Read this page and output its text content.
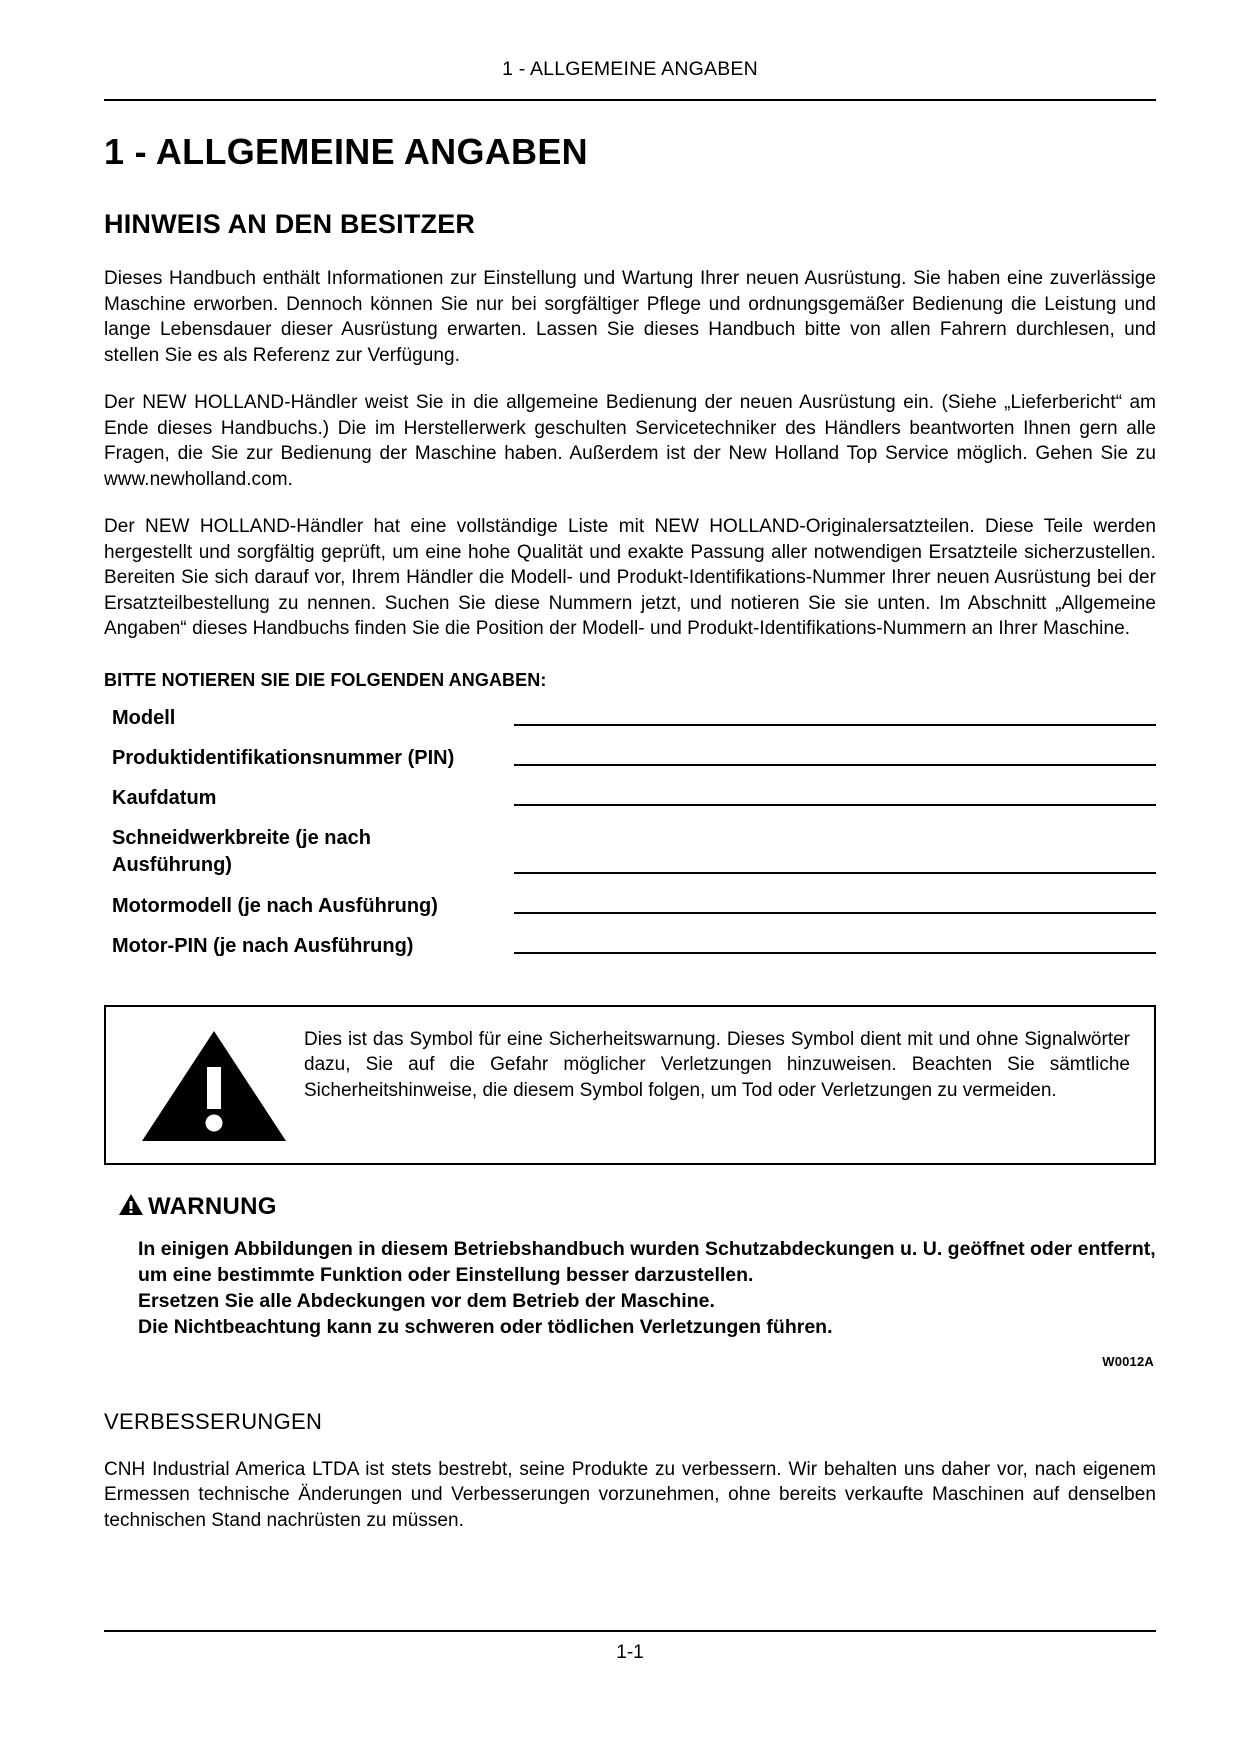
1 - ALLGEMEINE ANGABEN
1 - ALLGEMEINE ANGABEN
HINWEIS AN DEN BESITZER

Dieses Handbuch enthält Informationen zur Einstellung und Wartung Ihrer neuen Ausrüstung. Sie haben eine zuverlässige Maschine erworben. Dennoch können Sie nur bei sorgfältiger Pflege und ordnungsgemäßer Bedienung die Leistung und lange Lebensdauer dieser Ausrüstung erwarten. Lassen Sie dieses Handbuch bitte von allen Fahrern durchlesen, und stellen Sie es als Referenz zur Verfügung.

Der NEW HOLLAND-Händler weist Sie in die allgemeine Bedienung der neuen Ausrüstung ein. (Siehe „Lieferbericht“ am Ende dieses Handbuchs.) Die im Herstellerwerk geschulten Servicetechniker des Händlers beantworten Ihnen gern alle Fragen, die Sie zur Bedienung der Maschine haben. Außerdem ist der New Holland Top Service möglich. Gehen Sie zu www.newholland.com.

Der NEW HOLLAND-Händler hat eine vollständige Liste mit NEW HOLLAND-Originalersatzteilen. Diese Teile werden hergestellt und sorgfältig geprüft, um eine hohe Qualität und exakte Passung aller notwendigen Ersatzteile sicherzustellen. Bereiten Sie sich darauf vor, Ihrem Händler die Modell- und Produkt-Identifikations-Nummer Ihrer neuen Ausrüstung bei der Ersatzteilbestellung zu nennen. Suchen Sie diese Nummern jetzt, und notieren Sie sie unten. Im Abschnitt „Allgemeine Angaben“ dieses Handbuchs finden Sie die Position der Modell- und Produkt-Identifikations-Nummern an Ihrer Maschine.

BITTE NOTIEREN SIE DIE FOLGENDEN ANGABEN:
Modell
Produktidentifikationsnummer (PIN)
Kaufdatum
Schneidwerkbreite (je nach
Ausführung)
Motormodell (je nach Ausführung)
Motor-PIN (je nach Ausführung)
Dies ist das Symbol für eine Sicherheitswarnung. Dieses Symbol dient mit und ohne Signalwörter dazu, Sie auf die Gefahr möglicher Verletzungen hinzuweisen. Beachten Sie sämtliche Sicherheitshinweise, die diesem Symbol folgen, um Tod oder Verletzungen zu vermeiden.
WARNUNG
In einigen Abbildungen in diesem Betriebshandbuch wurden Schutzabdeckungen u. U. geöffnet oder entfernt, um eine bestimmte Funktion oder Einstellung besser darzustellen.
Ersetzen Sie alle Abdeckungen vor dem Betrieb der Maschine.
Die Nichtbeachtung kann zu schweren oder tödlichen Verletzungen führen.
W0012A
VERBESSERUNGEN

CNH Industrial America LTDA ist stets bestrebt, seine Produkte zu verbessern. Wir behalten uns daher vor, nach eigenem Ermessen technische Änderungen und Verbesserungen vorzunehmen, ohne bereits verkaufte Maschinen auf denselben technischen Stand nachrüsten zu müssen.

1-1
